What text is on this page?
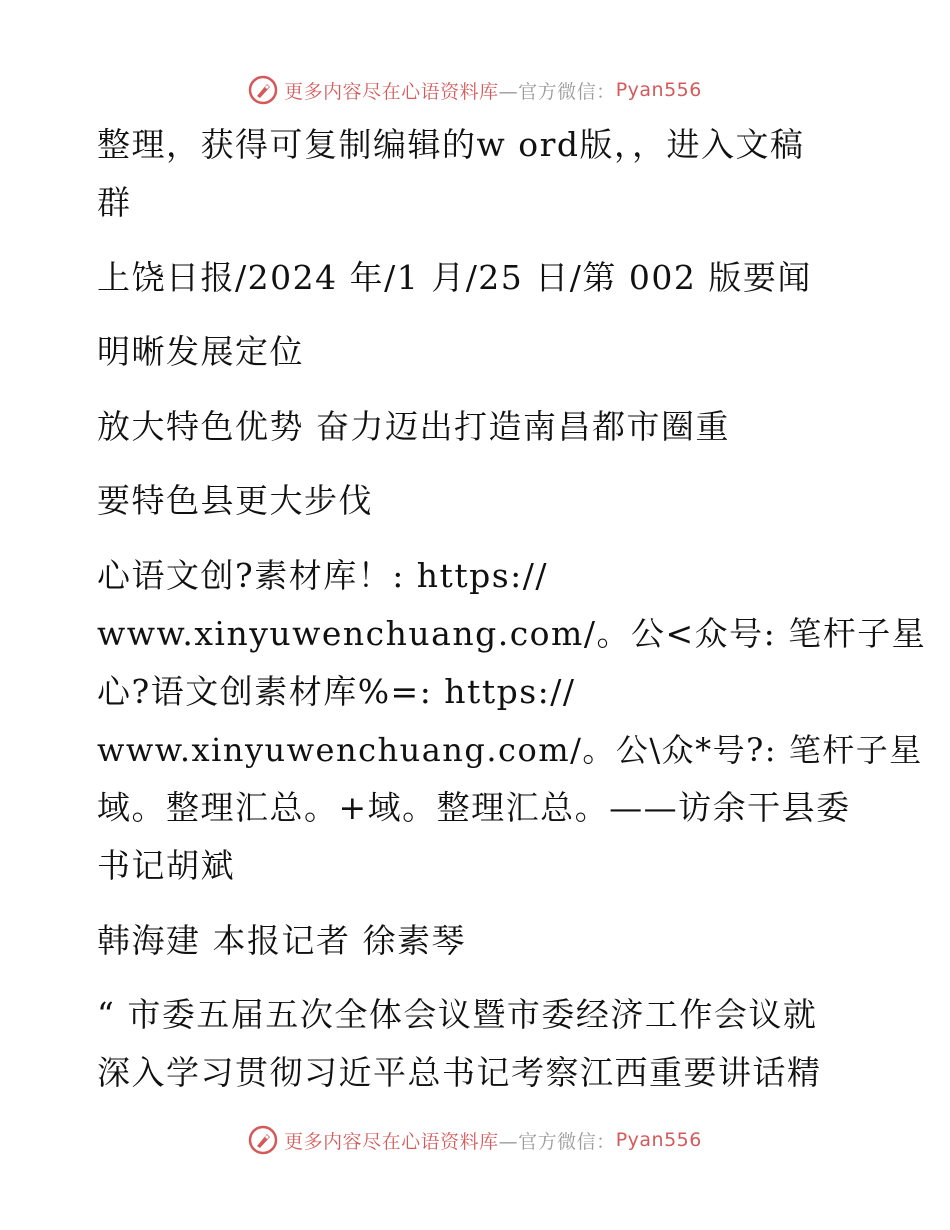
更多内容尽在心语资料库 —官方微信： Pyan556
整理，获得可复制编辑的w ord版，，进入文稿
群
上饶日报/2024 年/1 月/25 日/第 002 版要闻
明晰发展定位
放大特色优势 奋力迈出打造南昌都市圈重
要特色县更大步伐
心语文创?素材库！: https://
www.xinyuwenchuang.com/。公<众号: 笔杆子星
心?语文创素材库%=: https://
www.xinyuwenchuang.com/。公\众*号?: 笔杆子星
域。整理汇总。+域。整理汇总。——访余干县委
书记胡斌
韩海建 本报记者 徐素琴
“ 市委五届五次全体会议暨市委经济工作会议就
深入学习贯彻习近平总书记考察江西重要讲话精
更多内容尽在心语资料库 —官方微信： Pyan556
